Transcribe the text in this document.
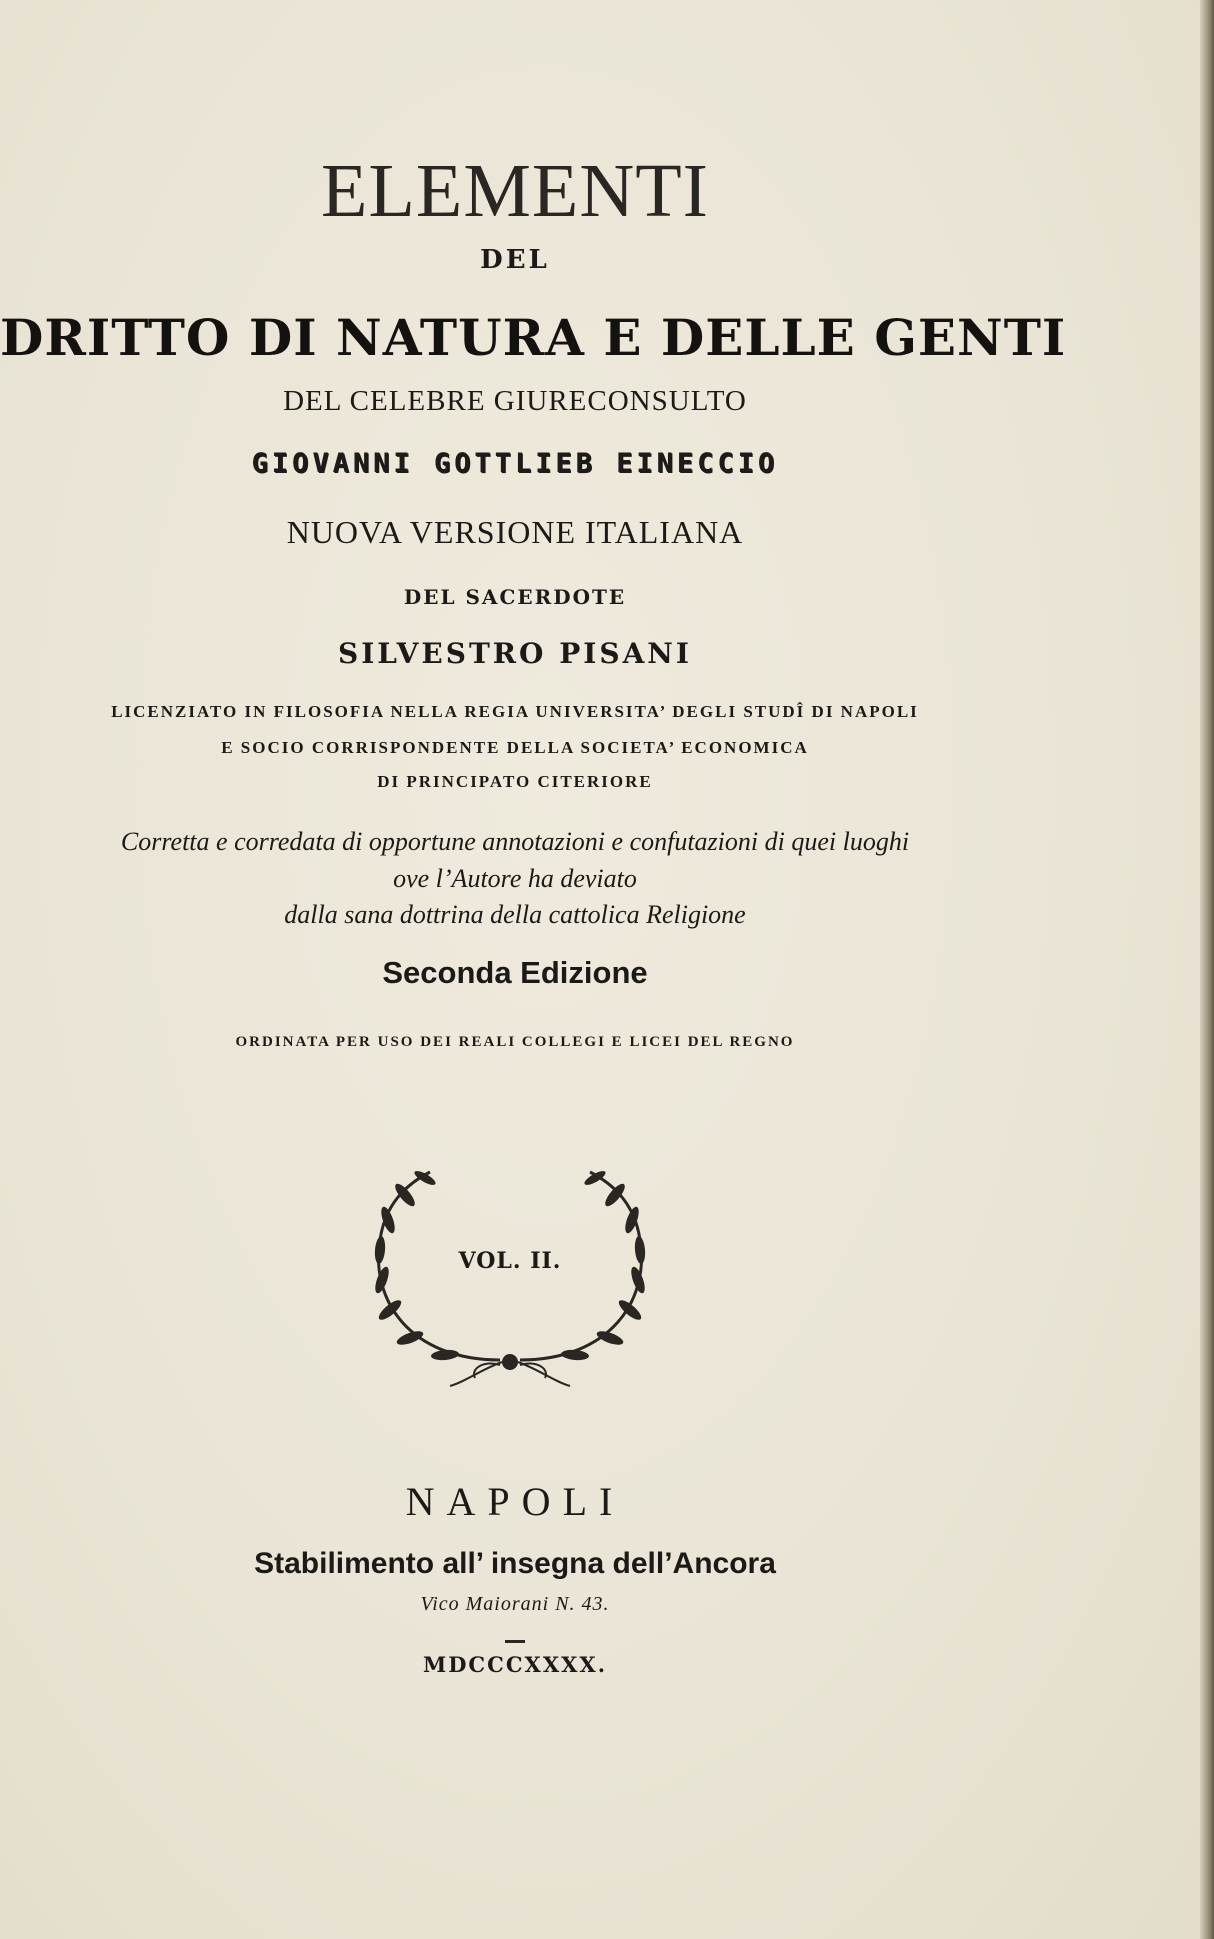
ELEMENTI
DEL
DRITTO DI NATURA E DELLE GENTI
DEL CELEBRE GIURECONSULTO
GIOVANNI GOTTLIEB EINECCIO
NUOVA VERSIONE ITALIANA
DEL SACERDOTE
SILVESTRO PISANI
LICENZIATO IN FILOSOFIA NELLA REGIA UNIVERSITA’ DEGLI STUDÎ DI NAPOLI
E SOCIO CORRISPONDENTE DELLA SOCIETA’ ECONOMICA
DI PRINCIPATO CITERIORE
Corretta e corredata di opportune annotazioni e confutazioni di quei luoghi
ove l’Autore ha deviato
dalla sana dottrina della cattolica Religione
Seconda Edizione
ORDINATA PER USO DEI REALI COLLEGI E LICEI DEL REGNO
VOL. II.
NAPOLI
Stabilimento all’ insegna dell’Ancora
Vico Maiorani N. 43.
MDCCCXXXX.
